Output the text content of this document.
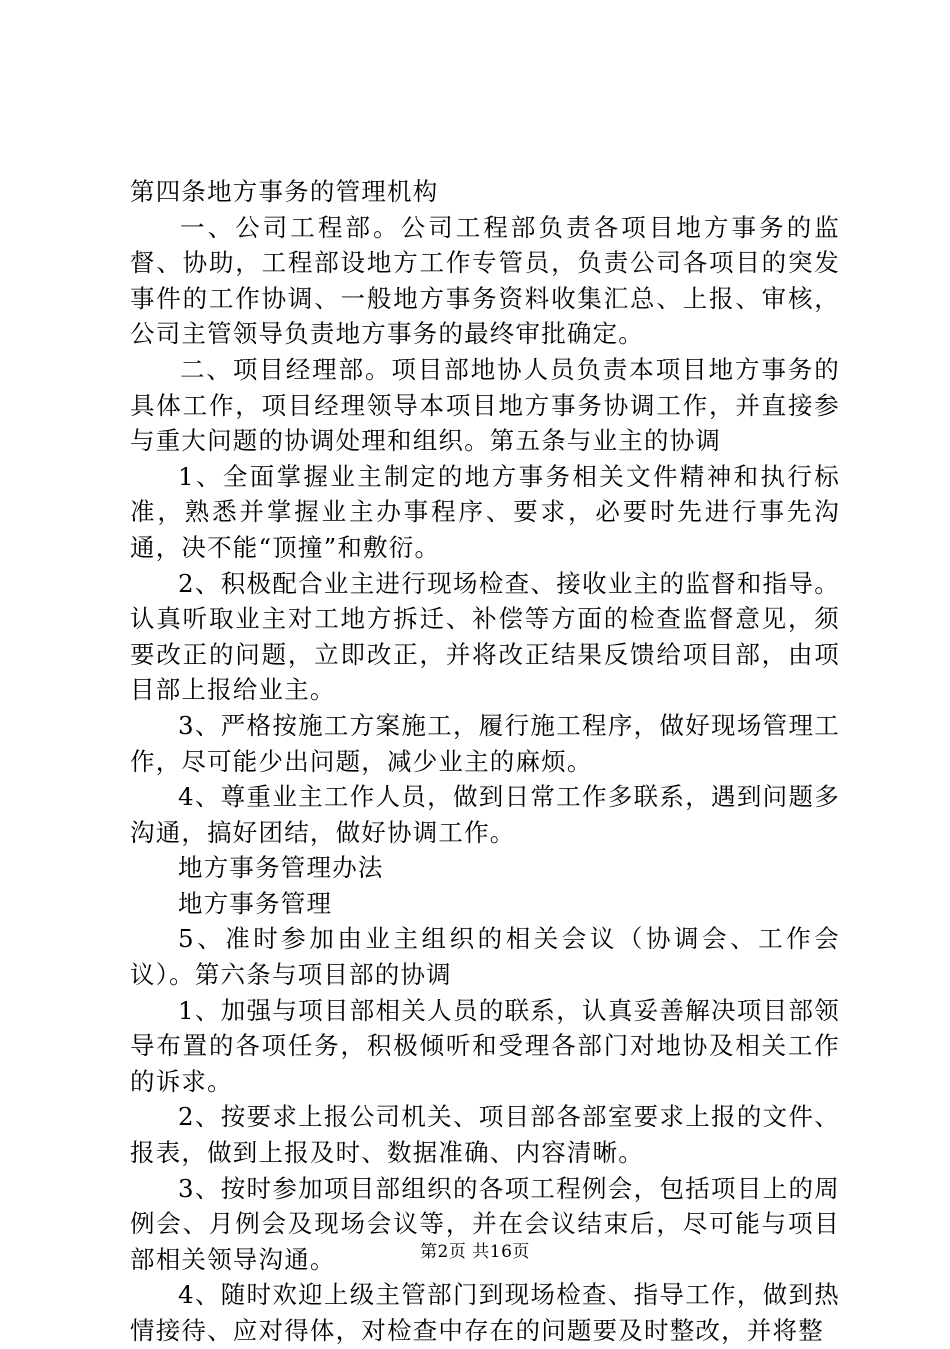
第四条地方事务的管理机构

一、公司工程部。公司工程部负责各项目地方事务的监督、协助，工程部设地方工作专管员，负责公司各项目的突发事件的工作协调、一般地方事务资料收集汇总、上报、审核，公司主管领导负责地方事务的最终审批确定。

二、项目经理部。项目部地协人员负责本项目地方事务的具体工作，项目经理领导本项目地方事务协调工作，并直接参与重大问题的协调处理和组织。第五条与业主的协调

1、全面掌握业主制定的地方事务相关文件精神和执行标准，熟悉并掌握业主办事程序、要求，必要时先进行事先沟通，决不能“顶撞”和敷衍。

2、积极配合业主进行现场检查、接收业主的监督和指导。认真听取业主对工地方拆迁、补偿等方面的检查监督意见，须要改正的问题，立即改正，并将改正结果反馈给项目部，由项目部上报给业主。

3、严格按施工方案施工，履行施工程序，做好现场管理工作，尽可能少出问题，减少业主的麻烦。

4、尊重业主工作人员，做到日常工作多联系，遇到问题多沟通，搞好团结，做好协调工作。

地方事务管理办法

地方事务管理

5、准时参加由业主组织的相关会议（协调会、工作会议）。第六条与项目部的协调

1、加强与项目部相关人员的联系，认真妥善解决项目部领导布置的各项任务，积极倾听和受理各部门对地协及相关工作的诉求。

2、按要求上报公司机关、项目部各部室要求上报的文件、报表，做到上报及时、数据准确、内容清晰。

3、按时参加项目部组织的各项工程例会，包括项目上的周例会、月例会及现场会议等，并在会议结束后，尽可能与项目部相关领导沟通。

4、随时欢迎上级主管部门到现场检查、指导工作，做到热情接待、应对得体，对检查中存在的问题要及时整改，并将整

第2页 共16页
